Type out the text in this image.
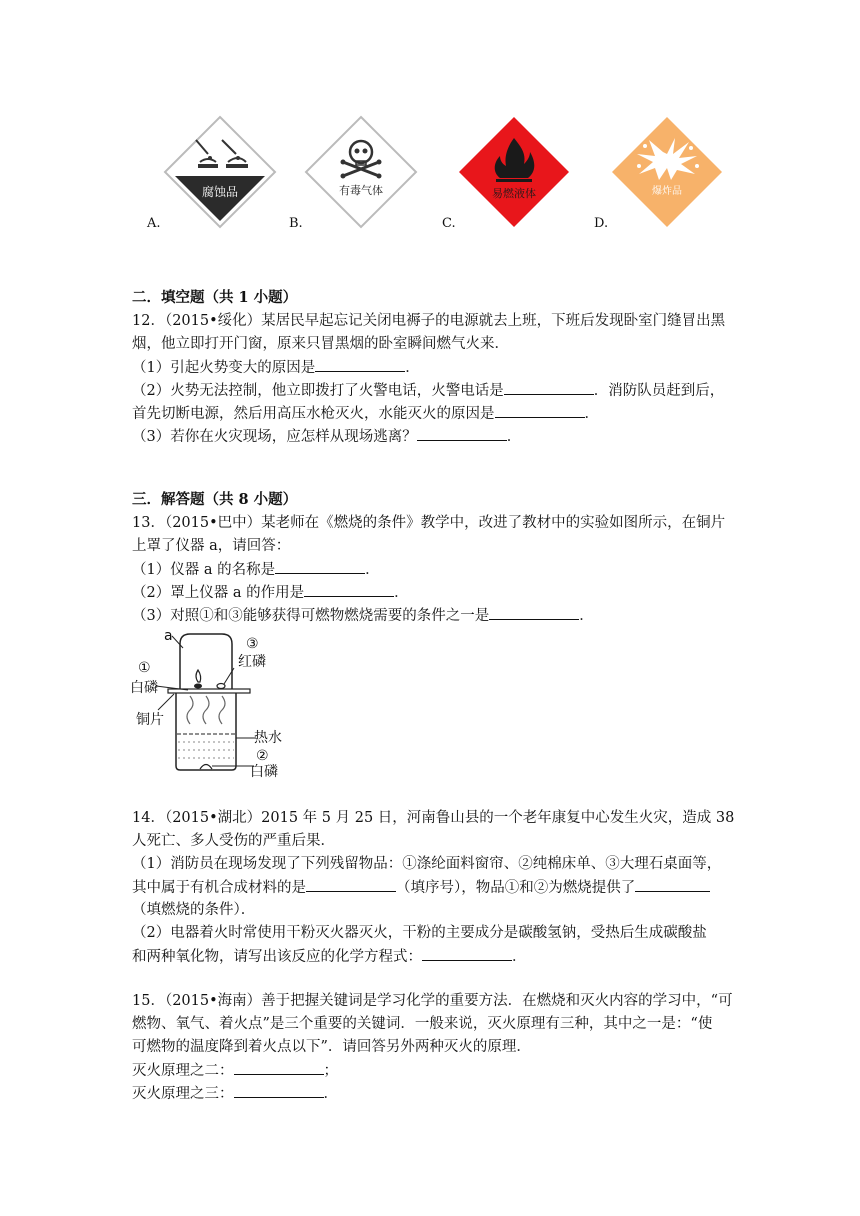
腐蚀品
A.
有毒气体
B.
易燃液体
C.
爆炸品
D.
二．填空题（共 1 小题）
12．（2015•绥化）某居民早起忘记关闭电褥子的电源就去上班，下班后发现卧室门缝冒出黑
烟，他立即打开门窗，原来只冒黑烟的卧室瞬间燃气火来．
（1）引起火势变大的原因是	．
（2）火势无法控制，他立即拨打了火警电话，火警电话是	．消防队员赶到后，
首先切断电源，然后用高压水枪灭火，水能灭火的原因是	．
（3）若你在火灾现场，应怎样从现场逃离？	．
三．解答题（共 8 小题）
13．（2015•巴中）某老师在《燃烧的条件》教学中，改进了教材中的实验如图所示，在铜片
上罩了仪器 a，请回答：
（1）仪器 a 的名称是	．
（2）罩上仪器 a 的作用是	．
（3）对照①和③能够获得可燃物燃烧需要的条件之一是	．
a
①
白磷
③
红磷
铜片
热水
②
白磷
14．（2015•湖北）2015 年 5 月 25 日，河南鲁山县的一个老年康复中心发生火灾，造成 38
人死亡、多人受伤的严重后果．
（1）消防员在现场发现了下列残留物品：①涤纶面料窗帘、②纯棉床单、③大理石桌面等，
其中属于有机合成材料的是	（填序号），物品①和②为燃烧提供了
（填燃烧的条件）．
（2）电器着火时常使用干粉灭火器灭火，干粉的主要成分是碳酸氢钠，受热后生成碳酸盐
和两种氧化物，请写出该反应的化学方程式：	．
15．（2015•海南）善于把握关键词是学习化学的重要方法．在燃烧和灭火内容的学习中，“可
燃物、氧气、着火点”是三个重要的关键词．一般来说，灭火原理有三种，其中之一是：“使
可燃物的温度降到着火点以下”．请回答另外两种灭火的原理．
灭火原理之二：	；
灭火原理之三：	．
